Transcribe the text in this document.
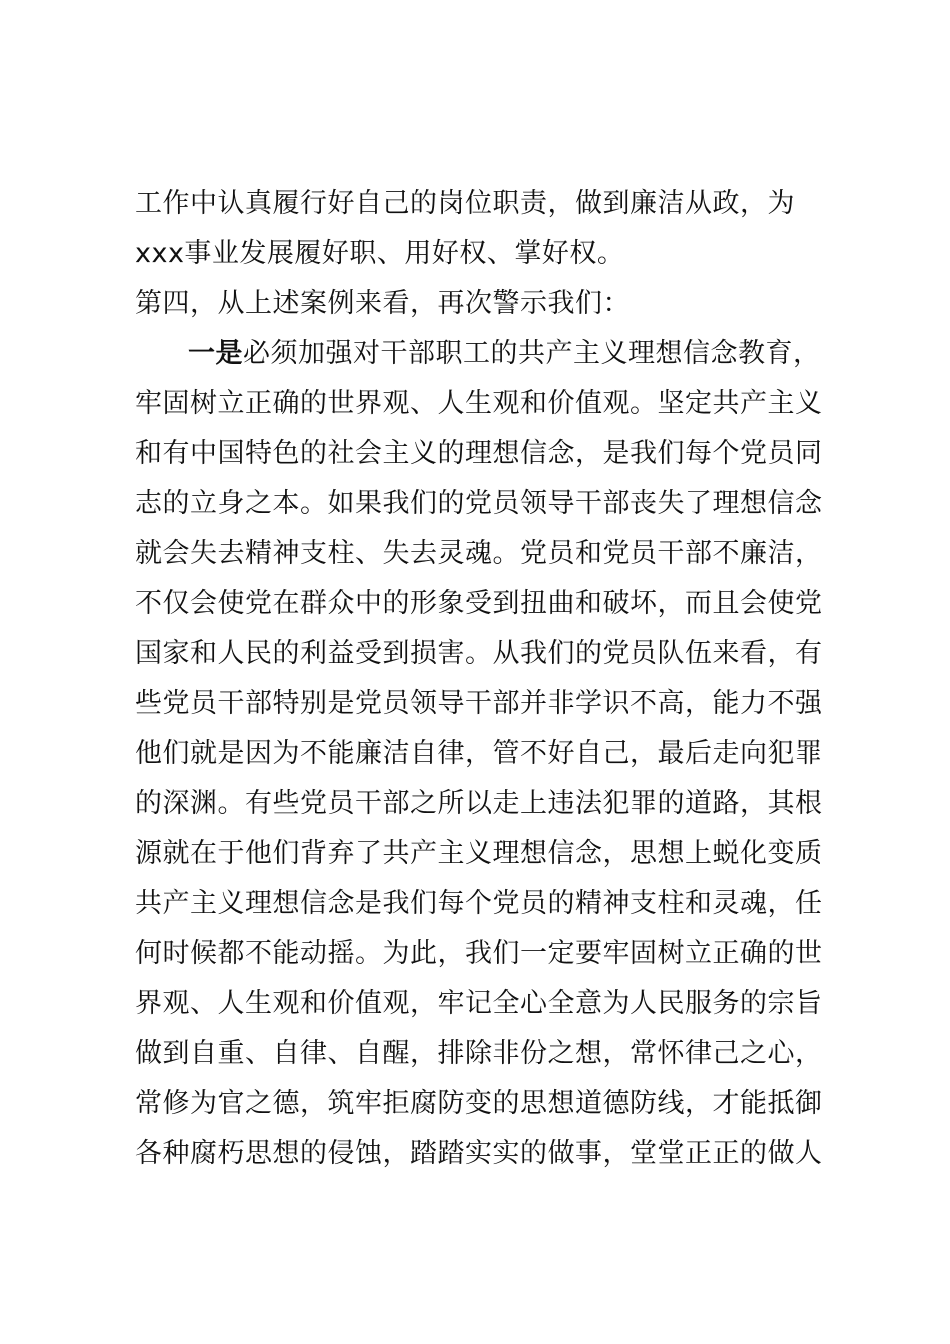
工作中认真履行好自己的岗位职责，做到廉洁从政，为
xxx事业发展履好职、用好权、掌好权。
第四，从上述案例来看，再次警示我们：
一是必须加强对干部职工的共产主义理想信念教育，
牢固树立正确的世界观、人生观和价值观。坚定共产主义
和有中国特色的社会主义的理想信念，是我们每个党员同
志的立身之本。如果我们的党员领导干部丧失了理想信念
就会失去精神支柱、失去灵魂。党员和党员干部不廉洁，
不仅会使党在群众中的形象受到扭曲和破坏，而且会使党
国家和人民的利益受到损害。从我们的党员队伍来看，有
些党员干部特别是党员领导干部并非学识不高，能力不强
他们就是因为不能廉洁自律，管不好自己，最后走向犯罪
的深渊。有些党员干部之所以走上违法犯罪的道路，其根
源就在于他们背弃了共产主义理想信念，思想上蜕化变质
共产主义理想信念是我们每个党员的精神支柱和灵魂，任
何时候都不能动摇。为此，我们一定要牢固树立正确的世
界观、人生观和价值观，牢记全心全意为人民服务的宗旨
做到自重、自律、自醒，排除非份之想，常怀律己之心，
常修为官之德，筑牢拒腐防变的思想道德防线，才能抵御
各种腐朽思想的侵蚀，踏踏实实的做事，堂堂正正的做人
